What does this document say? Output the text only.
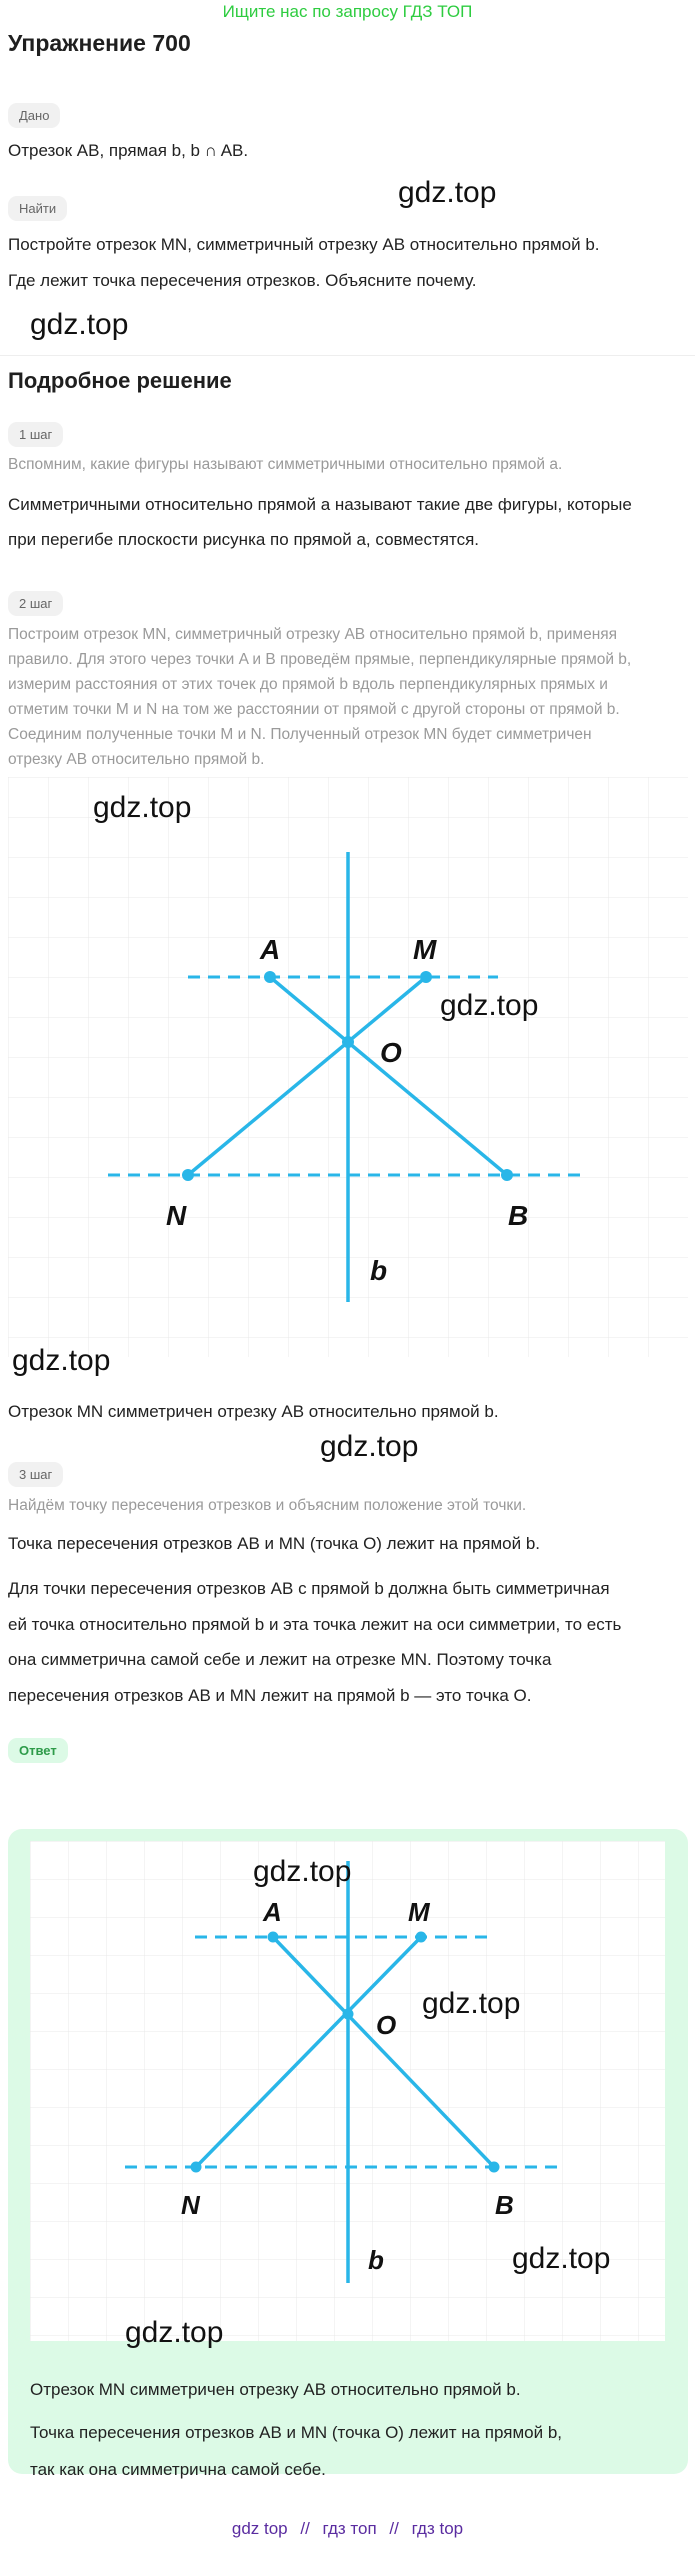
Ищите нас по запросу ГДЗ ТОП
Упражнение 700
Дано
Отрезок AB, прямая b, b ∩ AB.
Найти	gdz.top
Постройте отрезок MN, симметричный отрезку AB относительно прямой b.
Где лежит точка пересечения отрезков. Объясните почему.
gdz.top
Подробное решение
1 шаг
Вспомним, какие фигуры называют симметричными относительно прямой a.
Симметричными относительно прямой a называют такие две фигуры, которые
при перегибе плоскости рисунка по прямой a, совместятся.
2 шаг
Построим отрезок MN, симметричный отрезку AB относительно прямой b, применяя
правило. Для этого через точки A и B проведём прямые, перпендикулярные прямой b,
измерим расстояния от этих точек до прямой b вдоль перпендикулярных прямых и
отметим точки M и N на том же расстоянии от прямой с другой стороны от прямой b.
Соединим полученные точки M и N. Полученный отрезок MN будет симметричен
отрезку AB относительно прямой b.
A	M
O
N	B
b
gdz.top
gdz.top
gdz.top
Отрезок MN симметричен отрезку AB относительно прямой b.
gdz.top
3 шаг
Найдём точку пересечения отрезков и объясним положение этой точки.
Точка пересечения отрезков AB и MN (точка O) лежит на прямой b.
Для точки пересечения отрезков AB с прямой b должна быть симметричная
ей точка относительно прямой b и эта точка лежит на оси симметрии, то есть
она симметрична самой себе и лежит на отрезке MN. Поэтому точка
пересечения отрезков AB и MN лежит на прямой b — это точка O.
Ответ
A	M
O
N	B
b
gdz.top
gdz.top
gdz.top
gdz.top
Отрезок MN симметричен отрезку AB относительно прямой b.
Точка пересечения отрезков AB и MN (точка O) лежит на прямой b,
так как она симметрична самой себе.
gdz top // гдз топ // гдз top
